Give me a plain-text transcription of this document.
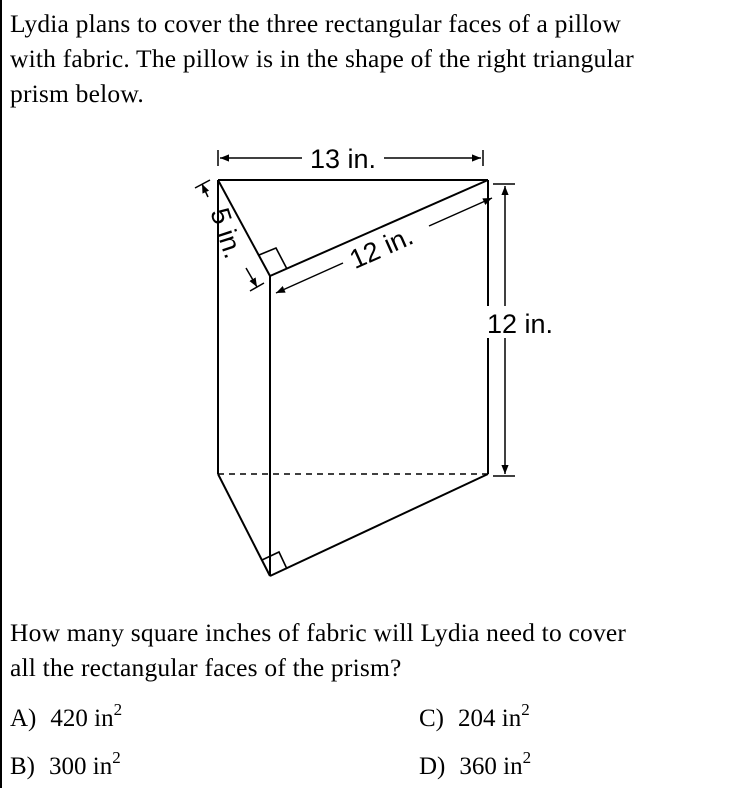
Lydia plans to cover the three rectangular faces of a pillow
with fabric. The pillow is in the shape of the right triangular
prism below.
13 in.
5 in.	12 in.
12 in.
How many square inches of fabric will Lydia need to cover
all the rectangular faces of the prism?
A) 420 $in^2$
B) 300 $in^2$
C) 204 $in^2$
D) 360 $in^2$
